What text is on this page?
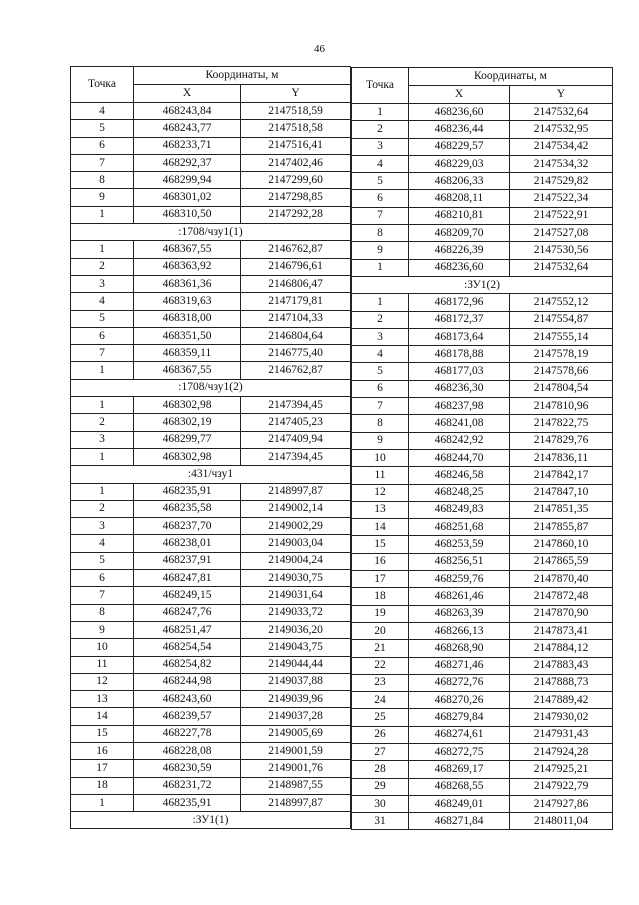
46
Точка	Координаты, м	
	X	Y
4	468243,84	2147518,59
5	468243,77	2147518,58
6	468233,71	2147516,41
7	468292,37	2147402,46
8	468299,94	2147299,60
9	468301,02	2147298,85
1	468310,50	2147292,28
:1708/чзу1(1)		
1	468367,55	2146762,87
2	468363,92	2146796,61
3	468361,36	2146806,47
4	468319,63	2147179,81
5	468318,00	2147104,33
6	468351,50	2146804,64
7	468359,11	2146775,40
1	468367,55	2146762,87
:1708/чзу1(2)		
1	468302,98	2147394,45
2	468302,19	2147405,23
3	468299,77	2147409,94
1	468302,98	2147394,45
:431/чзу1		
1	468235,91	2148997,87
2	468235,58	2149002,14
3	468237,70	2149002,29
4	468238,01	2149003,04
5	468237,91	2149004,24
6	468247,81	2149030,75
7	468249,15	2149031,64
8	468247,76	2149033,72
9	468251,47	2149036,20
10	468254,54	2149043,75
11	468254,82	2149044,44
12	468244,98	2149037,88
13	468243,60	2149039,96
14	468239,57	2149037,28
15	468227,78	2149005,69
16	468228,08	2149001,59
17	468230,59	2149001,76
18	468231,72	2148987,55
1	468235,91	2148997,87
:ЗУ1(1)		
Точка	Координаты, м	
	X	Y
1	468236,60	2147532,64
2	468236,44	2147532,95
3	468229,57	2147534,42
4	468229,03	2147534,32
5	468206,33	2147529,82
6	468208,11	2147522,34
7	468210,81	2147522,91
8	468209,70	2147527,08
9	468226,39	2147530,56
1	468236,60	2147532,64
:ЗУ1(2)		
1	468172,96	2147552,12
2	468172,37	2147554,87
3	468173,64	2147555,14
4	468178,88	2147578,19
5	468177,03	2147578,66
6	468236,30	2147804,54
7	468237,98	2147810,96
8	468241,08	2147822,75
9	468242,92	2147829,76
10	468244,70	2147836,11
11	468246,58	2147842,17
12	468248,25	2147847,10
13	468249,83	2147851,35
14	468251,68	2147855,87
15	468253,59	2147860,10
16	468256,51	2147865,59
17	468259,76	2147870,40
18	468261,46	2147872,48
19	468263,39	2147870,90
20	468266,13	2147873,41
21	468268,90	2147884,12
22	468271,46	2147883,43
23	468272,76	2147888,73
24	468270,26	2147889,42
25	468279,84	2147930,02
26	468274,61	2147931,43
27	468272,75	2147924,28
28	468269,17	2147925,21
29	468268,55	2147922,79
30	468249,01	2147927,86
31	468271,84	2148011,04
